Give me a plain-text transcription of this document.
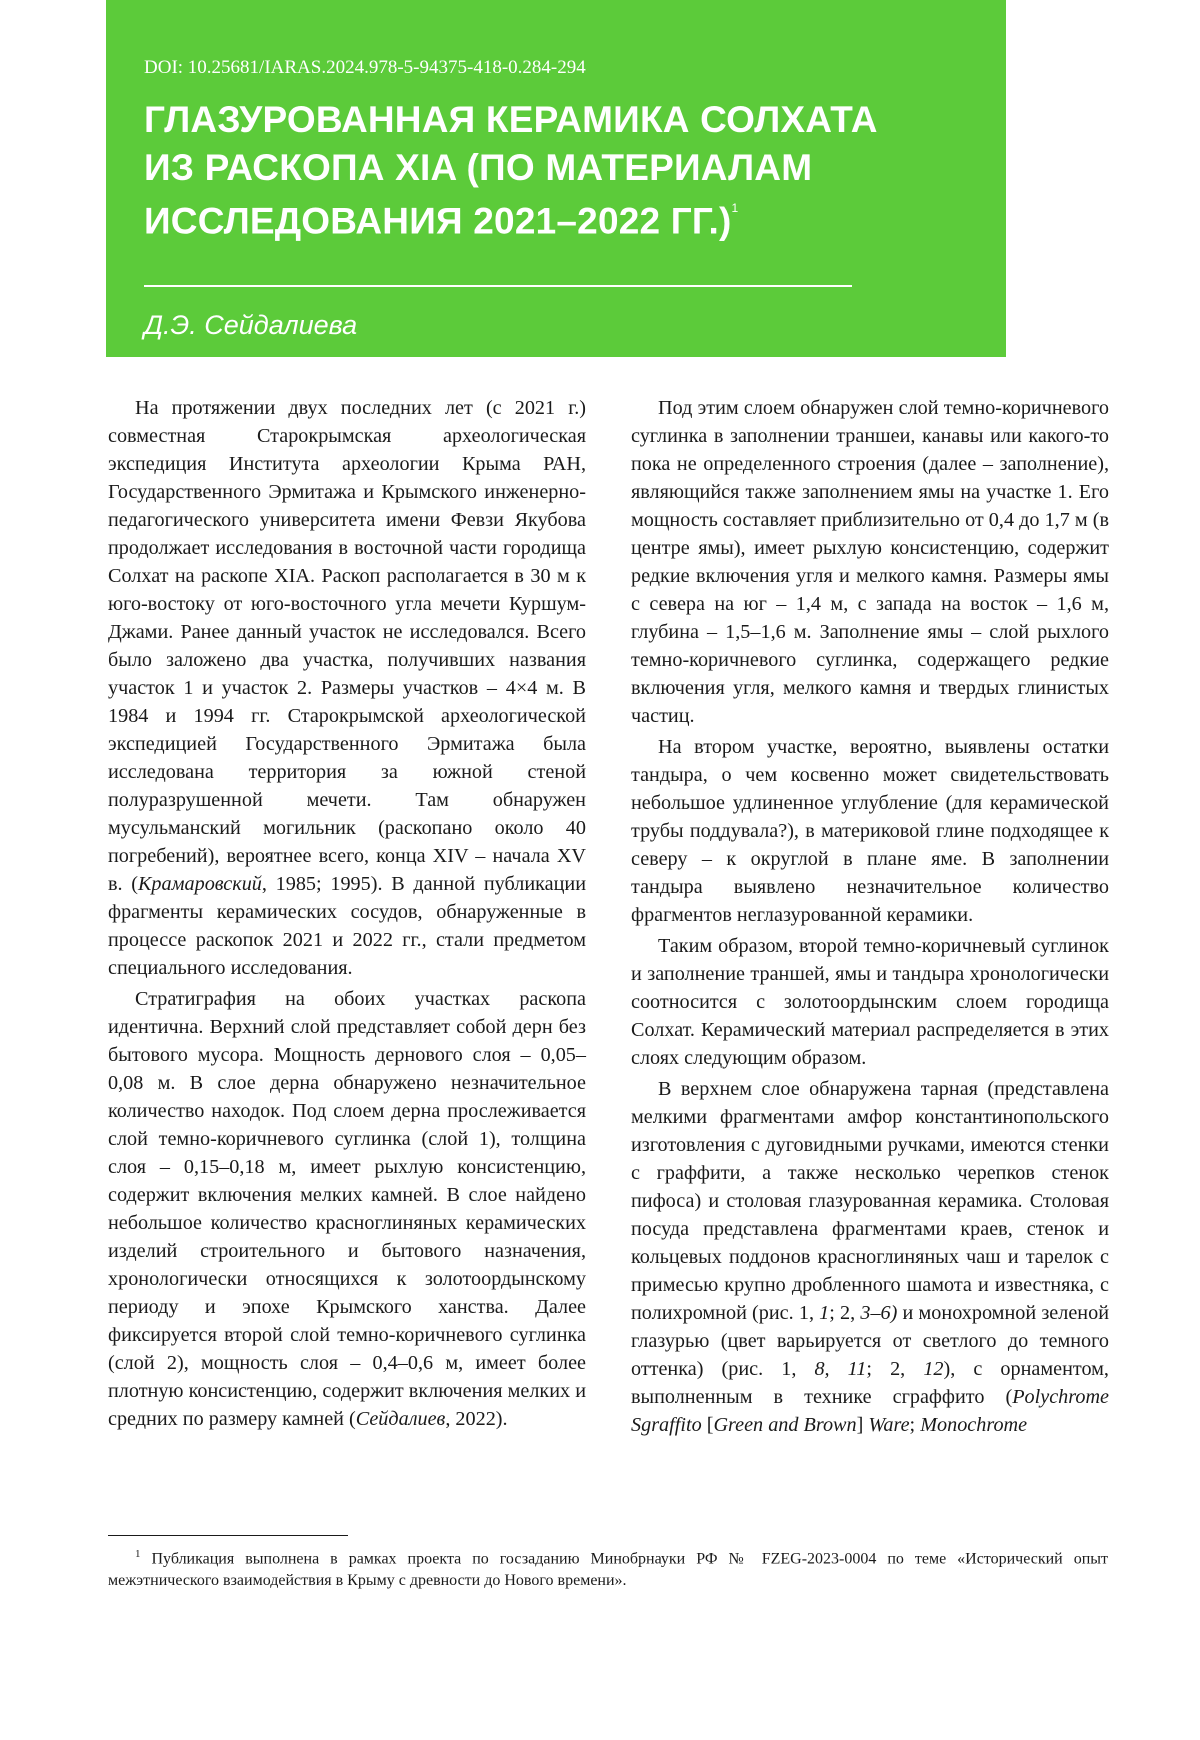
DOI: 10.25681/IARAS.2024.978-5-94375-418-0.284-294
ГЛАЗУРОВАННАЯ КЕРАМИКА СОЛХАТА
ИЗ РАСКОПА XIA (ПО МАТЕРИАЛАМ
ИССЛЕДОВАНИЯ 2021–2022 ГГ.)$^1$
Д.Э. Сейдалиева

На протяжении двух последних лет (с 2021 г.) совместная Старокрымская археологическая экспедиция Института археологии Крыма РАН, Государственного Эрмитажа и Крымского инженерно-педагогического университета имени Февзи Якубова продолжает исследования в восточной части городища Солхат на раскопе XIA. Раскоп располагается в 30 м к юго-востоку от юго-восточного угла мечети Куршум-Джами. Ранее данный участок не исследовался. Всего было заложено два участка, получивших названия участок 1 и участок 2. Размеры участков – 4×4 м. В 1984 и 1994 гг. Старокрымской археологической экспедицией Государственного Эрмитажа была исследована территория за южной стеной полуразрушенной мечети. Там обнаружен мусульманский могильник (раскопано около 40 погребений), вероятнее всего, конца XIV – начала XV в. (Крамаровский, 1985; 1995). В данной публикации фрагменты керамических сосудов, обнаруженные в процессе раскопок 2021 и 2022 гг., стали предметом специального исследования.

Стратиграфия на обоих участках раскопа идентична. Верхний слой представляет собой дерн без бытового мусора. Мощность дернового слоя – 0,05–0,08 м. В слое дерна обнаружено незначительное количество находок. Под слоем дерна прослеживается слой темно-коричневого суглинка (слой 1), толщина слоя – 0,15–0,18 м, имеет рыхлую консистенцию, содержит включения мелких камней. В слое найдено небольшое количество красноглиняных керамических изделий строительного и бытового назначения, хронологически относящихся к золотоордынскому периоду и эпохе Крымского ханства. Далее фиксируется второй слой темно-коричневого суглинка (слой 2), мощность слоя – 0,4–0,6 м, имеет более плотную консистенцию, содержит включения мелких и средних по размеру камней (Сейдалиев, 2022).

Под этим слоем обнаружен слой темно-коричневого суглинка в заполнении траншеи, канавы или какого-то пока не определенного строения (далее – заполнение), являющийся также заполнением ямы на участке 1. Его мощность составляет приблизительно от 0,4 до 1,7 м (в центре ямы), имеет рыхлую консистенцию, содержит редкие включения угля и мелкого камня. Размеры ямы с севера на юг – 1,4 м, с запада на восток – 1,6 м, глубина – 1,5–1,6 м. Заполнение ямы – слой рыхлого темно-коричневого суглинка, содержащего редкие включения угля, мелкого камня и твердых глинистых частиц.

На втором участке, вероятно, выявлены остатки тандыра, о чем косвенно может свидетельствовать небольшое удлиненное углубление (для керамической трубы поддувала?), в материковой глине подходящее к северу – к округлой в плане яме. В заполнении тандыра выявлено незначительное количество фрагментов неглазурованной керамики.

Таким образом, второй темно-коричневый суглинок и заполнение траншей, ямы и тандыра хронологически соотносится с золотоордынским слоем городища Солхат. Керамический материал распределяется в этих слоях следующим образом.

В верхнем слое обнаружена тарная (представлена мелкими фрагментами амфор константинопольского изготовления с дуговидными ручками, имеются стенки с граффити, а также несколько черепков стенок пифоса) и столовая глазурованная керамика. Столовая посуда представлена фрагментами краев, стенок и кольцевых поддонов красноглиняных чаш и тарелок с примесью крупно дробленного шамота и известняка, с полихромной (рис. 1, 1; 2, 3–6) и монохромной зеленой глазурью (цвет варьируется от светлого до темного оттенка) (рис. 1, 8, 11; 2, 12), с орнаментом, выполненным в технике сграффито (Polychrome Sgraffito [Green and Brown] Ware; Monochrome

$^1$ Публикация выполнена в рамках проекта по госзаданию Минобрнауки РФ № FZEG-2023-0004 по теме «Исторический опыт межэтнического взаимодействия в Крыму с древности до Нового времени».
